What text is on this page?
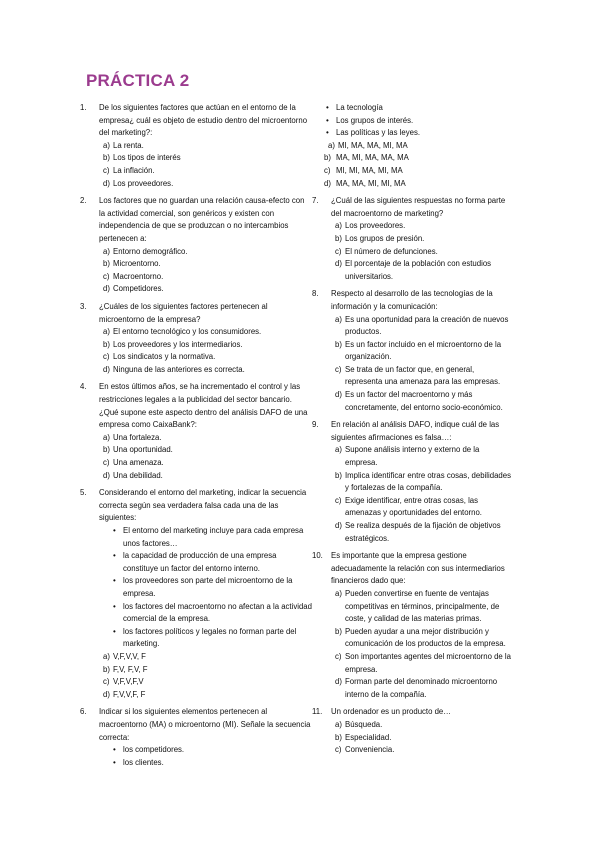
PRÁCTICA 2
1. De los siguientes factores que actúan en el entorno de la empresa¿ cuál es objeto de estudio dentro del microentorno del marketing?:
a) La renta.
b) Los tipos de interés
c) La inflación.
d) Los proveedores.
2. Los factores que no guardan una relación causa-efecto con la actividad comercial, son genéricos y existen con independencia de que se produzcan o no intercambios pertenecen a:
a) Entorno demográfico.
b) Microentorno.
c) Macroentorno.
d) Competidores.
3. ¿Cuáles de los siguientes factores pertenecen al microentorno de la empresa?
a) El entorno tecnológico y los consumidores.
b) Los proveedores y los intermediarios.
c) Los sindicatos y la normativa.
d) Ninguna de las anteriores es correcta.
4. En estos últimos años, se ha incrementado el control y las restricciones legales a la publicidad del sector bancario. ¿Qué supone este aspecto dentro del análisis DAFO de una empresa como CaixaBank?:
a) Una fortaleza.
b) Una oportunidad.
c) Una amenaza.
d) Una debilidad.
5. Considerando el entorno del marketing, indicar la secuencia correcta según sea verdadera falsa cada una de las siguientes:
• El entorno del marketing incluye para cada empresa unos factores…
• la capacidad de producción de una empresa constituye un factor del entorno interno.
• los proveedores son parte del microentorno de la empresa.
• los factores del macroentorno no afectan a la actividad comercial de la empresa.
• los factores políticos y legales no forman parte del marketing.
a) V,F,V,V, F
b) F,V, F,V, F
c) V,F,V,F,V
d) F,V,V,F, F
6. Indicar si los siguientes elementos pertenecen al macroentorno (MA) o microentorno (MI). Señale la secuencia correcta:
• los competidores.
• los clientes.
• La tecnología
• Los grupos de interés.
• Las políticas y las leyes.
a) MI, MA, MA, MI, MA
b) MA, MI, MA, MA, MA
c) MI, MI, MA, MI, MA
d) MA, MA, MI, MI, MA
7. ¿Cuál de las siguientes respuestas no forma parte del macroentorno de marketing?
a) Los proveedores.
b) Los grupos de presión.
c) El número de defunciones.
d) El porcentaje de la población con estudios universitarios.
8. Respecto al desarrollo de las tecnologías de la información y la comunicación:
a) Es una oportunidad para la creación de nuevos productos.
b) Es un factor incluido en el microentorno de la organización.
c) Se trata de un factor que, en general, representa una amenaza para las empresas.
d) Es un factor del macroentorno y más concretamente, del entorno socio-económico.
9. En relación al análisis DAFO, indique cuál de las siguientes afirmaciones es falsa…:
a) Supone análisis interno y externo de la empresa.
b) Implica identificar entre otras cosas, debilidades y fortalezas de la compañía.
c) Exige identificar, entre otras cosas, las amenazas y oportunidades del entorno.
d) Se realiza después de la fijación de objetivos estratégicos.
10. Es importante que la empresa gestione adecuadamente la relación con sus intermediarios financieros dado que:
a) Pueden convertirse en fuente de ventajas competitivas en términos, principalmente, de coste, y calidad de las materias primas.
b) Pueden ayudar a una mejor distribución y comunicación de los productos de la empresa.
c) Son importantes agentes del microentorno de la empresa.
d) Forman parte del denominado microentorno interno de la compañía.
11. Un ordenador es un producto de…
a) Búsqueda.
b) Especialidad.
c) Conveniencia.
